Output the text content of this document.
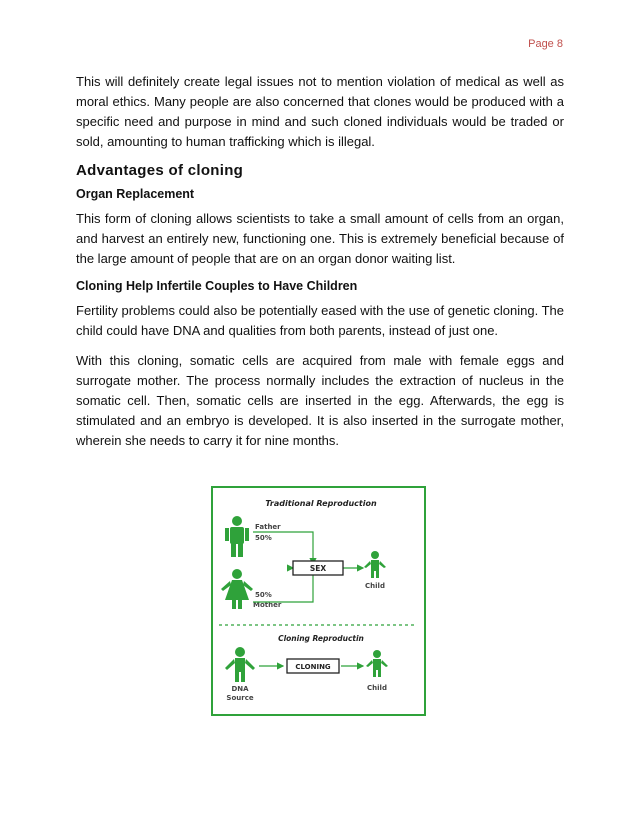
Page 8

This will definitely create legal issues not to mention violation of medical as well as moral ethics. Many people are also concerned that clones would be produced with a specific need and purpose in mind and such cloned individuals would be traded or sold, amounting to human trafficking which is illegal.

Advantages of cloning
Organ Replacement

This form of cloning allows scientists to take a small amount of cells from an organ, and harvest an entirely new, functioning one. This is extremely beneficial because of the large amount of people that are on an organ donor waiting list.

Cloning Help Infertile Couples to Have Children

Fertility problems could also be potentially eased with the use of genetic cloning. The child could have DNA and qualities from both parents, instead of just one.

With this cloning, somatic cells are acquired from male with female eggs and surrogate mother. The process normally includes the extraction of nucleus in the somatic cell. Then, somatic cells are inserted in the egg. Afterwards, the egg is stimulated and an embryo is developed. It is also inserted in the surrogate mother, wherein she needs to carry it for nine months.

Traditional Reproduction
Father
50%
50%
Mother
SEX
Child
Cloning Reproductin
DNA
Source
CLONING
Child
